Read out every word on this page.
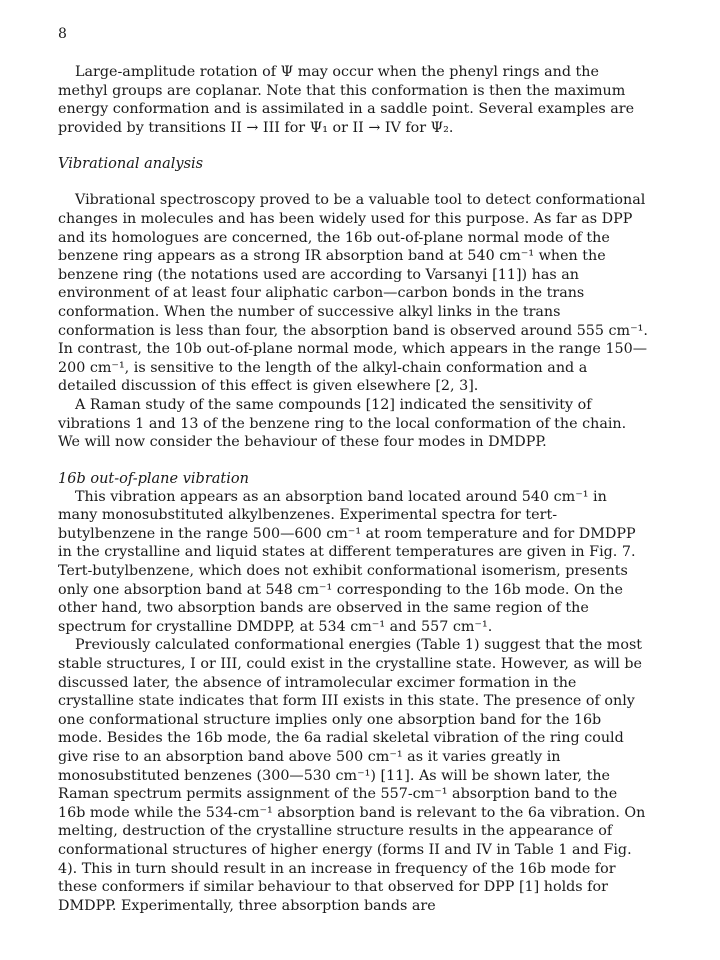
8

Large-amplitude rotation of Ψ may occur when the phenyl rings and the methyl groups are coplanar. Note that this conformation is then the maximum energy conformation and is assimilated in a saddle point. Several examples are provided by transitions II → III for Ψ₁ or II → IV for Ψ₂.

Vibrational analysis

Vibrational spectroscopy proved to be a valuable tool to detect conformational changes in molecules and has been widely used for this purpose. As far as DPP and its homologues are concerned, the 16b out-of-plane normal mode of the benzene ring appears as a strong IR absorption band at 540 cm⁻¹ when the benzene ring (the notations used are according to Varsanyi [11]) has an environment of at least four aliphatic carbon—carbon bonds in the trans conformation. When the number of successive alkyl links in the trans conformation is less than four, the absorption band is observed around 555 cm⁻¹. In contrast, the 10b out-of-plane normal mode, which appears in the range 150—200 cm⁻¹, is sensitive to the length of the alkyl-chain conformation and a detailed discussion of this effect is given elsewhere [2, 3].

A Raman study of the same compounds [12] indicated the sensitivity of vibrations 1 and 13 of the benzene ring to the local conformation of the chain. We will now consider the behaviour of these four modes in DMDPP.

16b out-of-plane vibration

This vibration appears as an absorption band located around 540 cm⁻¹ in many monosubstituted alkylbenzenes. Experimental spectra for tert-butylbenzene in the range 500—600 cm⁻¹ at room temperature and for DMDPP in the crystalline and liquid states at different temperatures are given in Fig. 7. Tert-butylbenzene, which does not exhibit conformational isomerism, presents only one absorption band at 548 cm⁻¹ corresponding to the 16b mode. On the other hand, two absorption bands are observed in the same region of the spectrum for crystalline DMDPP, at 534 cm⁻¹ and 557 cm⁻¹.

Previously calculated conformational energies (Table 1) suggest that the most stable structures, I or III, could exist in the crystalline state. However, as will be discussed later, the absence of intramolecular excimer formation in the crystalline state indicates that form III exists in this state. The presence of only one conformational structure implies only one absorption band for the 16b mode. Besides the 16b mode, the 6a radial skeletal vibration of the ring could give rise to an absorption band above 500 cm⁻¹ as it varies greatly in monosubstituted benzenes (300—530 cm⁻¹) [11]. As will be shown later, the Raman spectrum permits assignment of the 557-cm⁻¹ absorption band to the 16b mode while the 534-cm⁻¹ absorption band is relevant to the 6a vibration. On melting, destruction of the crystalline structure results in the appearance of conformational structures of higher energy (forms II and IV in Table 1 and Fig. 4). This in turn should result in an increase in frequency of the 16b mode for these conformers if similar behaviour to that observed for DPP [1] holds for DMDPP. Experimentally, three absorption bands are
